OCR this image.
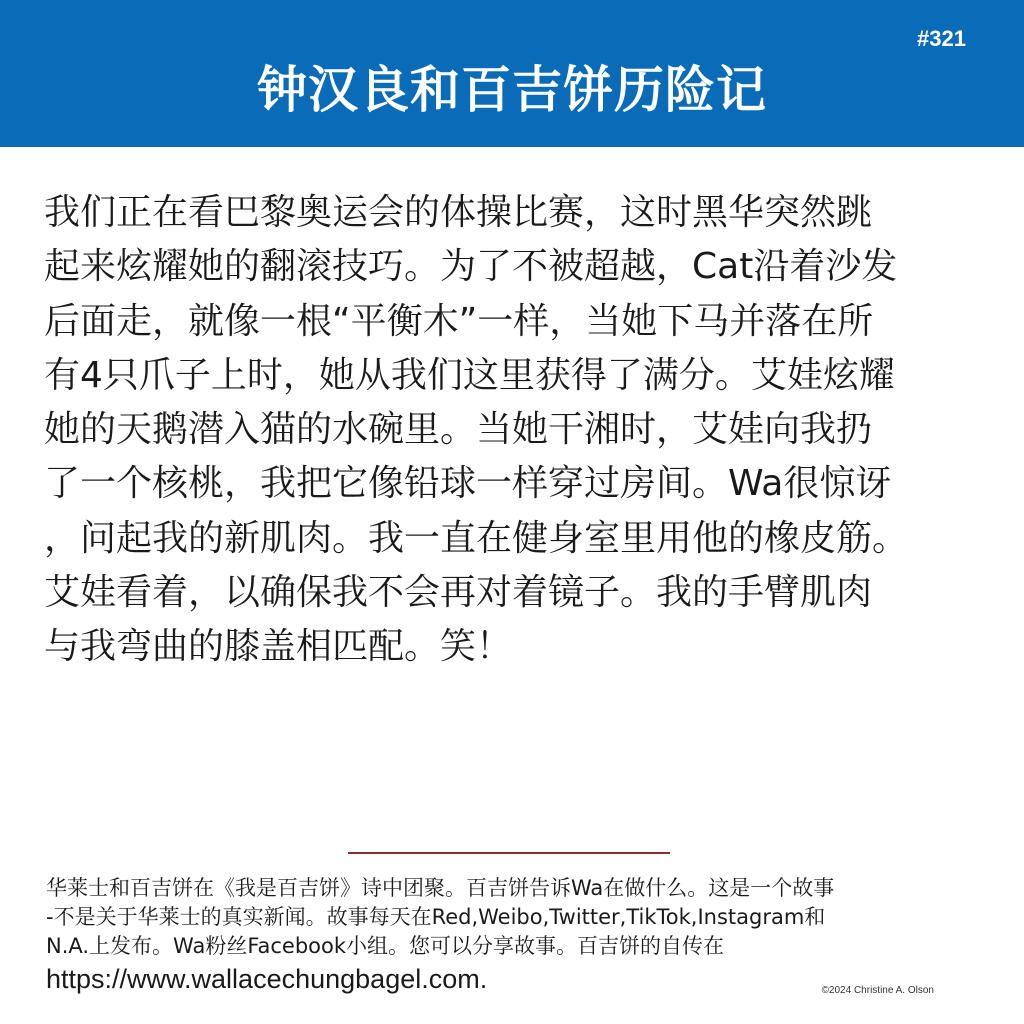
#321
钟汉良和百吉饼历险记
我们正在看巴黎奥运会的体操比赛，这时黑华突然跳
起来炫耀她的翻滚技巧。为了不被超越，Cat沿着沙发
后面走，就像一根“平衡木”一样，当她下马并落在所
有4只爪子上时，她从我们这里获得了满分。艾娃炫耀
她的天鹅潜入猫的水碗里。当她干湘时，艾娃向我扔
了一个核桃，我把它像铅球一样穿过房间。Wa很惊讶
，问起我的新肌肉。我一直在健身室里用他的橡皮筋。
艾娃看着，以确保我不会再对着镜子。我的手臂肌肉
与我弯曲的膝盖相匹配。笑！
华莱士和百吉饼在《我是百吉饼》诗中团聚。百吉饼告诉Wa在做什么。这是一个故事
-不是关于华莱士的真实新闻。故事每天在Red,Weibo,Twitter,TikTok,Instagram和
N.A.上发布。Wa粉丝Facebook小组。您可以分享故事。百吉饼的自传在
https://www.wallacechungbagel.com.	©2024 Christine A. Olson
